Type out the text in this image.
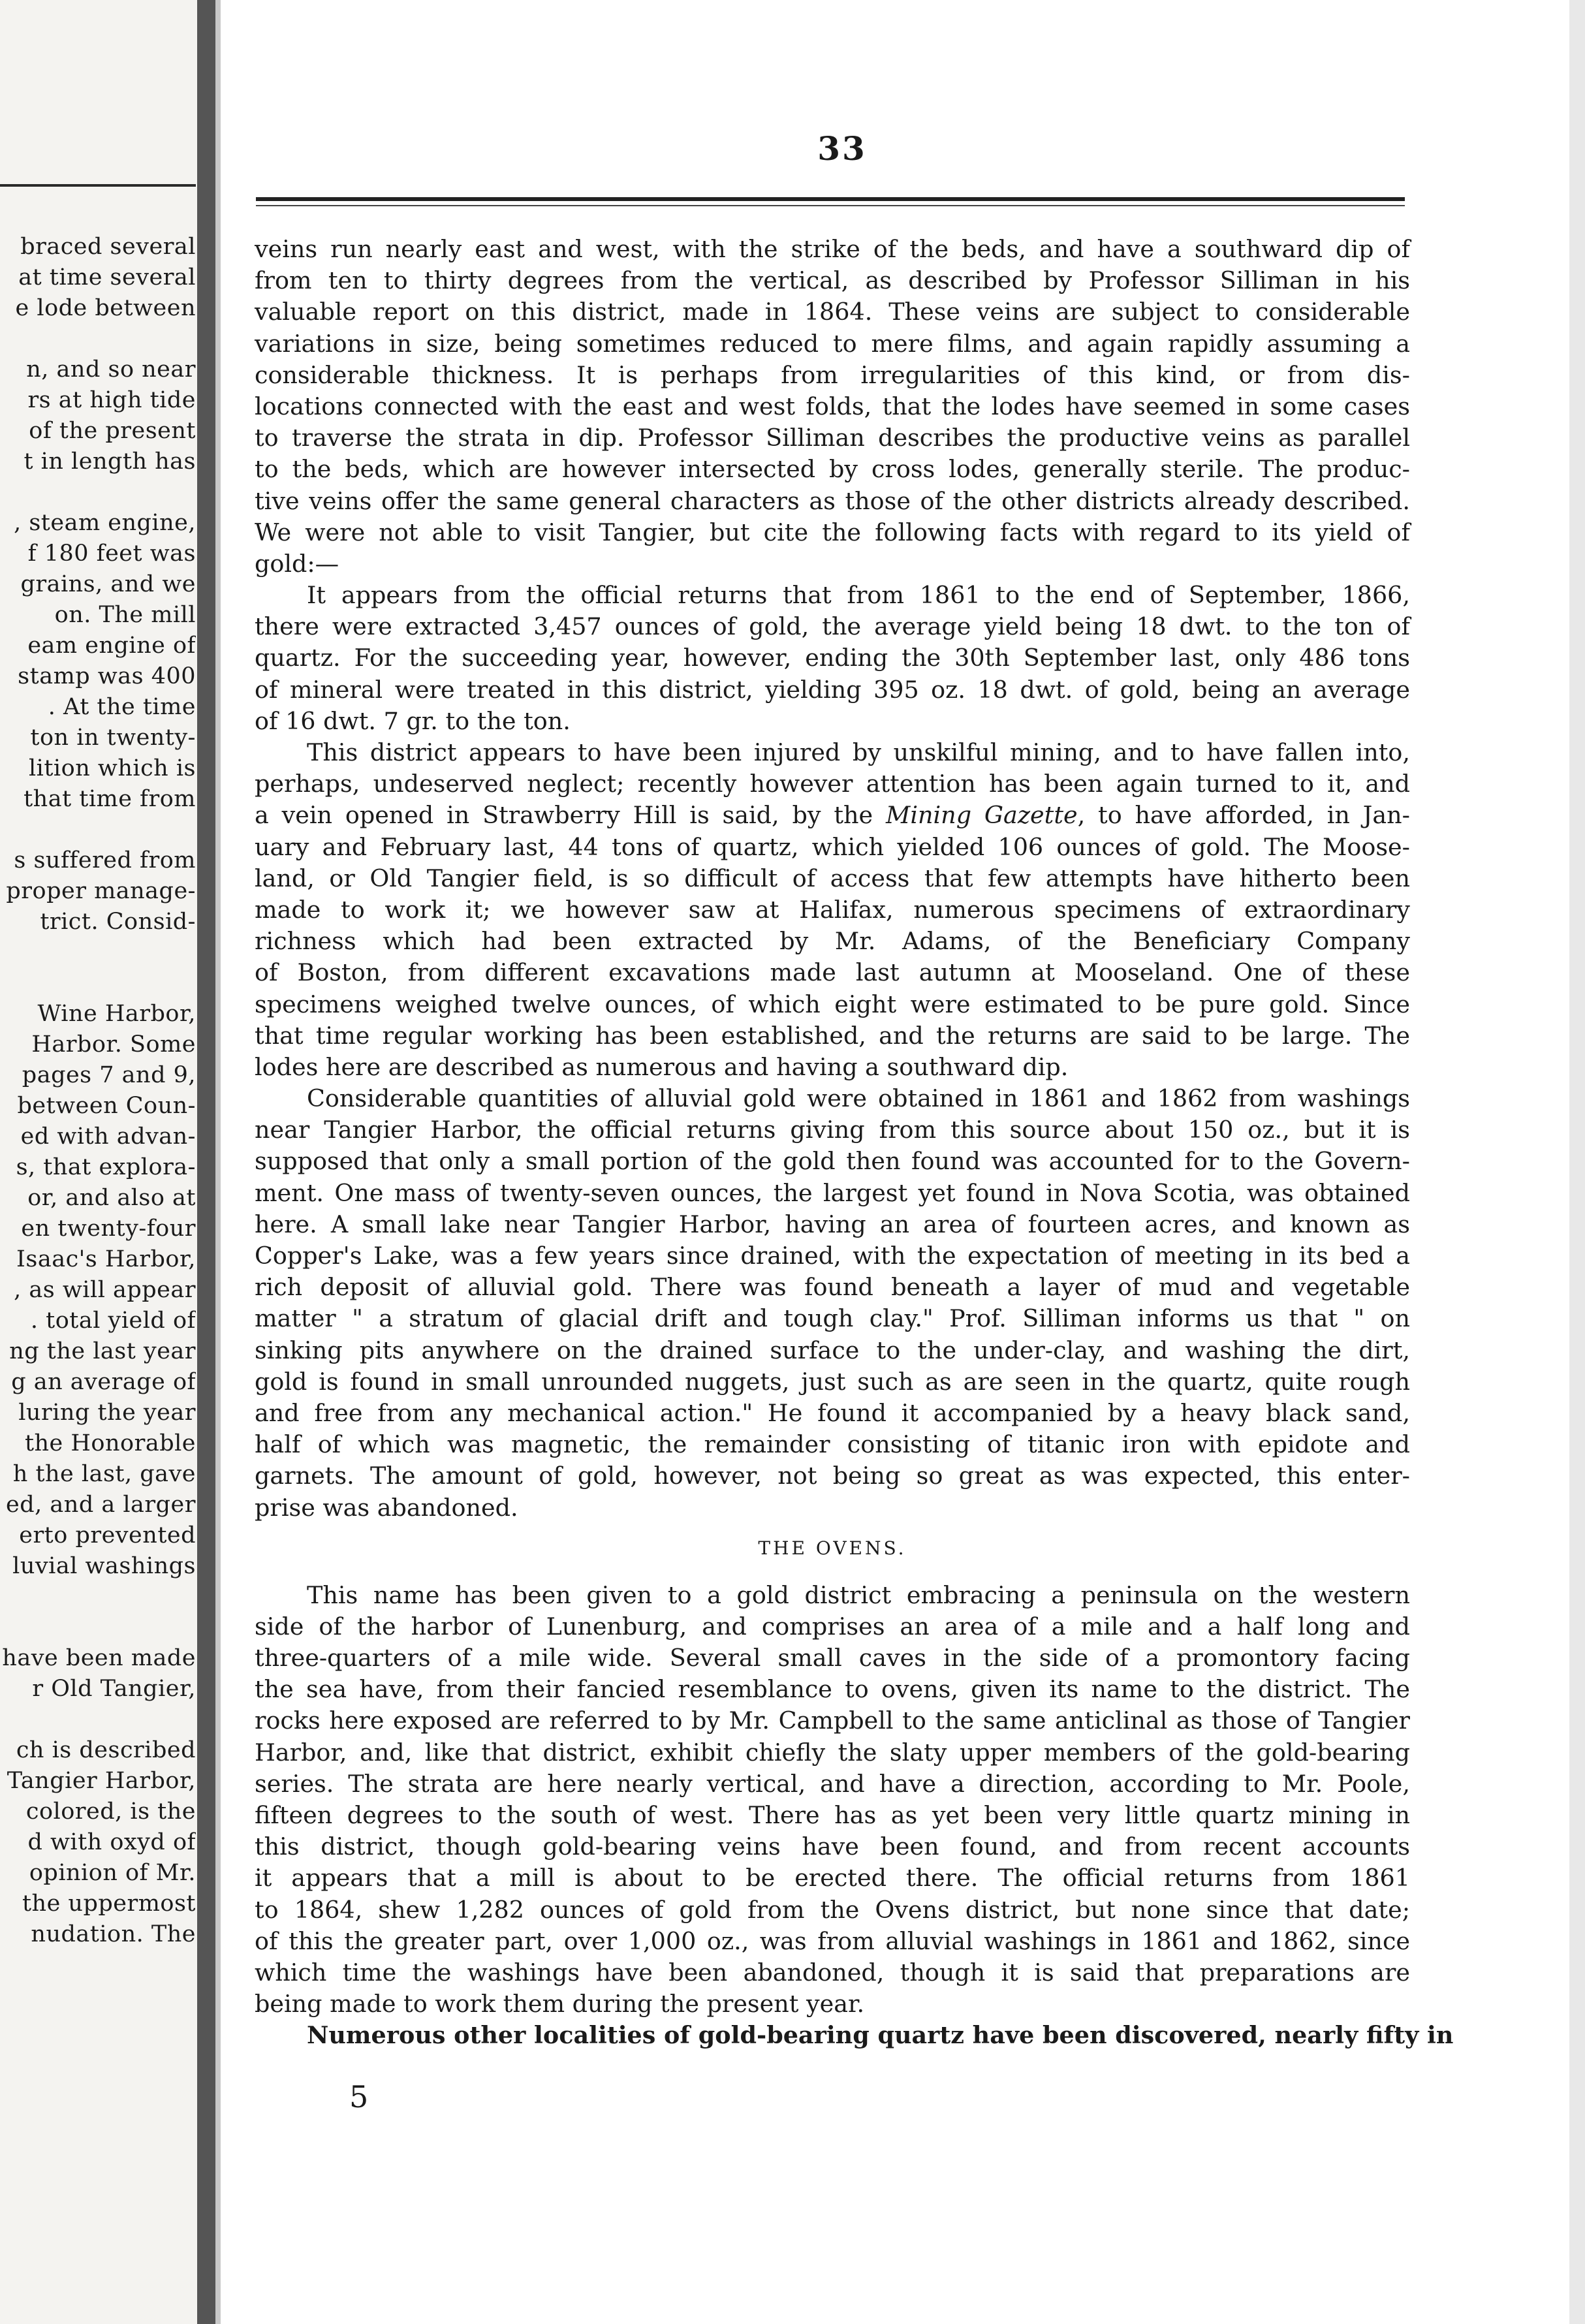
braced several
at time several
e lode between
n, and so near
rs at high tide
of the present
t in length has
, steam engine,
f 180 feet was
grains, and we
on. The mill
eam engine of
stamp was 400
. At the time
ton in twenty-
lition which is
that time from
s suffered from
proper manage-
trict. Consid-
Wine Harbor,
Harbor. Some
pages 7 and 9,
between Coun-
ed with advan-
s, that explora-
or, and also at
en twenty-four
Isaac's Harbor,
, as will appear
. total yield of
ng the last year
g an average of
luring the year
the Honorable
h the last, gave
ed, and a larger
erto prevented
luvial washings
have been made
r Old Tangier,
ch is described
Tangier Harbor,
colored, is the
d with oxyd of
opinion of Mr.
the uppermost
nudation. The
33
veins run nearly east and west, with the strike of the beds, and have a southward dip of
from ten to thirty degrees from the vertical, as described by Professor Silliman in his
valuable report on this district, made in 1864. These veins are subject to considerable
variations in size, being sometimes reduced to mere films, and again rapidly assuming a
considerable thickness. It is perhaps from irregularities of this kind, or from dis-
locations connected with the east and west folds, that the lodes have seemed in some cases
to traverse the strata in dip. Professor Silliman describes the productive veins as parallel
to the beds, which are however intersected by cross lodes, generally sterile. The produc-
tive veins offer the same general characters as those of the other districts already described.
We were not able to visit Tangier, but cite the following facts with regard to its yield of
gold:—
It appears from the official returns that from 1861 to the end of September, 1866,
there were extracted 3,457 ounces of gold, the average yield being 18 dwt. to the ton of
quartz. For the succeeding year, however, ending the 30th September last, only 486 tons
of mineral were treated in this district, yielding 395 oz. 18 dwt. of gold, being an average
of 16 dwt. 7 gr. to the ton.
This district appears to have been injured by unskilful mining, and to have fallen into,
perhaps, undeserved neglect; recently however attention has been again turned to it, and
a vein opened in Strawberry Hill is said, by the Mining Gazette, to have afforded, in Jan-
uary and February last, 44 tons of quartz, which yielded 106 ounces of gold. The Moose-
land, or Old Tangier field, is so difficult of access that few attempts have hitherto been
made to work it; we however saw at Halifax, numerous specimens of extraordinary
richness which had been extracted by Mr. Adams, of the Beneficiary Company
of Boston, from different excavations made last autumn at Mooseland. One of these
specimens weighed twelve ounces, of which eight were estimated to be pure gold. Since
that time regular working has been established, and the returns are said to be large. The
lodes here are described as numerous and having a southward dip.
Considerable quantities of alluvial gold were obtained in 1861 and 1862 from washings
near Tangier Harbor, the official returns giving from this source about 150 oz., but it is
supposed that only a small portion of the gold then found was accounted for to the Govern-
ment. One mass of twenty-seven ounces, the largest yet found in Nova Scotia, was obtained
here. A small lake near Tangier Harbor, having an area of fourteen acres, and known as
Copper's Lake, was a few years since drained, with the expectation of meeting in its bed a
rich deposit of alluvial gold. There was found beneath a layer of mud and vegetable
matter " a stratum of glacial drift and tough clay." Prof. Silliman informs us that " on
sinking pits anywhere on the drained surface to the under-clay, and washing the dirt,
gold is found in small unrounded nuggets, just such as are seen in the quartz, quite rough
and free from any mechanical action." He found it accompanied by a heavy black sand,
half of which was magnetic, the remainder consisting of titanic iron with epidote and
garnets. The amount of gold, however, not being so great as was expected, this enter-
prise was abandoned.
THE OVENS.
This name has been given to a gold district embracing a peninsula on the western
side of the harbor of Lunenburg, and comprises an area of a mile and a half long and
three-quarters of a mile wide. Several small caves in the side of a promontory facing
the sea have, from their fancied resemblance to ovens, given its name to the district. The
rocks here exposed are referred to by Mr. Campbell to the same anticlinal as those of Tangier
Harbor, and, like that district, exhibit chiefly the slaty upper members of the gold-bearing
series. The strata are here nearly vertical, and have a direction, according to Mr. Poole,
fifteen degrees to the south of west. There has as yet been very little quartz mining in
this district, though gold-bearing veins have been found, and from recent accounts
it appears that a mill is about to be erected there. The official returns from 1861
to 1864, shew 1,282 ounces of gold from the Ovens district, but none since that date;
of this the greater part, over 1,000 oz., was from alluvial washings in 1861 and 1862, since
which time the washings have been abandoned, though it is said that preparations are
being made to work them during the present year.
Numerous other localities of gold-bearing quartz have been discovered, nearly fifty in
5
